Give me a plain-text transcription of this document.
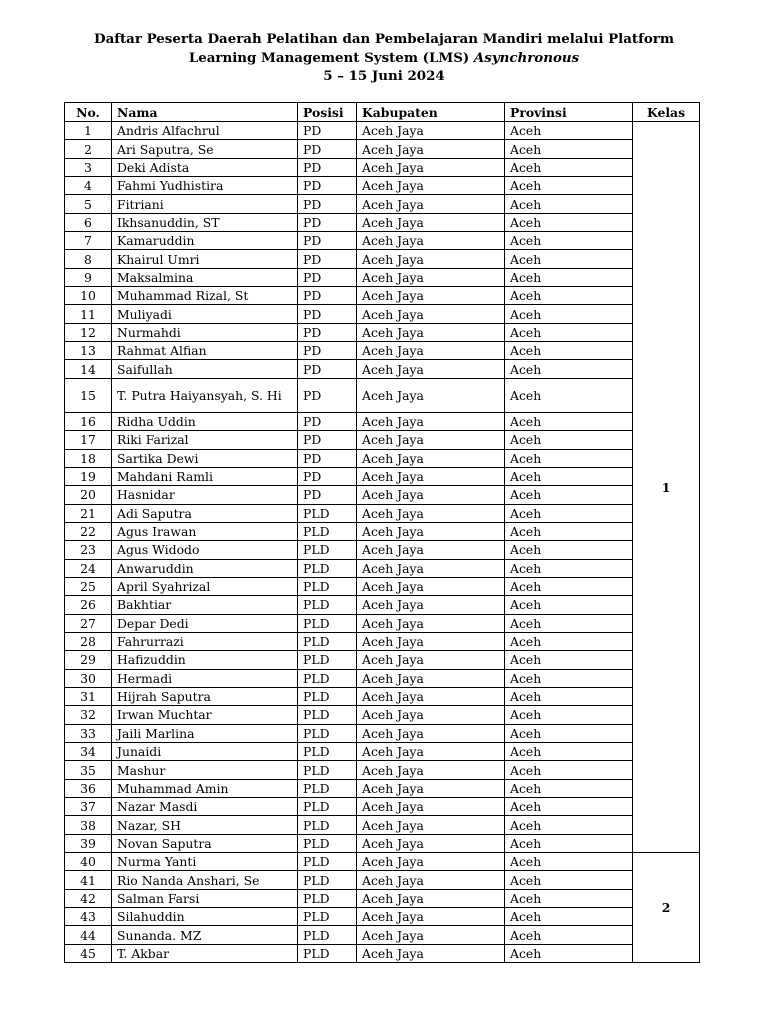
Daftar Peserta Daerah Pelatihan dan Pembelajaran Mandiri melalui Platform
Learning Management System (LMS) Asynchronous
5 – 15 Juni 2024
No.	Nama	Posisi	Kabupaten	Provinsi	Kelas
1	Andris Alfachrul	PD	Aceh Jaya	Aceh	1
2	Ari Saputra, Se	PD	Aceh Jaya	Aceh	
3	Deki Adista	PD	Aceh Jaya	Aceh	
4	Fahmi Yudhistira	PD	Aceh Jaya	Aceh	
5	Fitriani	PD	Aceh Jaya	Aceh	
6	Ikhsanuddin, ST	PD	Aceh Jaya	Aceh	
7	Kamaruddin	PD	Aceh Jaya	Aceh	
8	Khairul Umri	PD	Aceh Jaya	Aceh	
9	Maksalmina	PD	Aceh Jaya	Aceh	
10	Muhammad Rizal, St	PD	Aceh Jaya	Aceh	
11	Muliyadi	PD	Aceh Jaya	Aceh	
12	Nurmahdi	PD	Aceh Jaya	Aceh	
13	Rahmat Alfian	PD	Aceh Jaya	Aceh	
14	Saifullah	PD	Aceh Jaya	Aceh	
15	T. Putra Haiyansyah, S. Hi	PD	Aceh Jaya	Aceh	
16	Ridha Uddin	PD	Aceh Jaya	Aceh	
17	Riki Farizal	PD	Aceh Jaya	Aceh	
18	Sartika Dewi	PD	Aceh Jaya	Aceh	
19	Mahdani Ramli	PD	Aceh Jaya	Aceh	
20	Hasnidar	PD	Aceh Jaya	Aceh	
21	Adi Saputra	PLD	Aceh Jaya	Aceh	
22	Agus Irawan	PLD	Aceh Jaya	Aceh	
23	Agus Widodo	PLD	Aceh Jaya	Aceh	
24	Anwaruddin	PLD	Aceh Jaya	Aceh	
25	April Syahrizal	PLD	Aceh Jaya	Aceh	
26	Bakhtiar	PLD	Aceh Jaya	Aceh	
27	Depar Dedi	PLD	Aceh Jaya	Aceh	
28	Fahrurrazi	PLD	Aceh Jaya	Aceh	
29	Hafizuddin	PLD	Aceh Jaya	Aceh	
30	Hermadi	PLD	Aceh Jaya	Aceh	
31	Hijrah Saputra	PLD	Aceh Jaya	Aceh	
32	Irwan Muchtar	PLD	Aceh Jaya	Aceh	
33	Jaili Marlina	PLD	Aceh Jaya	Aceh	
34	Junaidi	PLD	Aceh Jaya	Aceh	
35	Mashur	PLD	Aceh Jaya	Aceh	
36	Muhammad Amin	PLD	Aceh Jaya	Aceh	
37	Nazar Masdi	PLD	Aceh Jaya	Aceh	
38	Nazar, SH	PLD	Aceh Jaya	Aceh	
39	Novan Saputra	PLD	Aceh Jaya	Aceh	
40	Nurma Yanti	PLD	Aceh Jaya	Aceh	2
41	Rio Nanda Anshari, Se	PLD	Aceh Jaya	Aceh	
42	Salman Farsi	PLD	Aceh Jaya	Aceh	
43	Silahuddin	PLD	Aceh Jaya	Aceh	
44	Sunanda. MZ	PLD	Aceh Jaya	Aceh	
45	T. Akbar	PLD	Aceh Jaya	Aceh	
